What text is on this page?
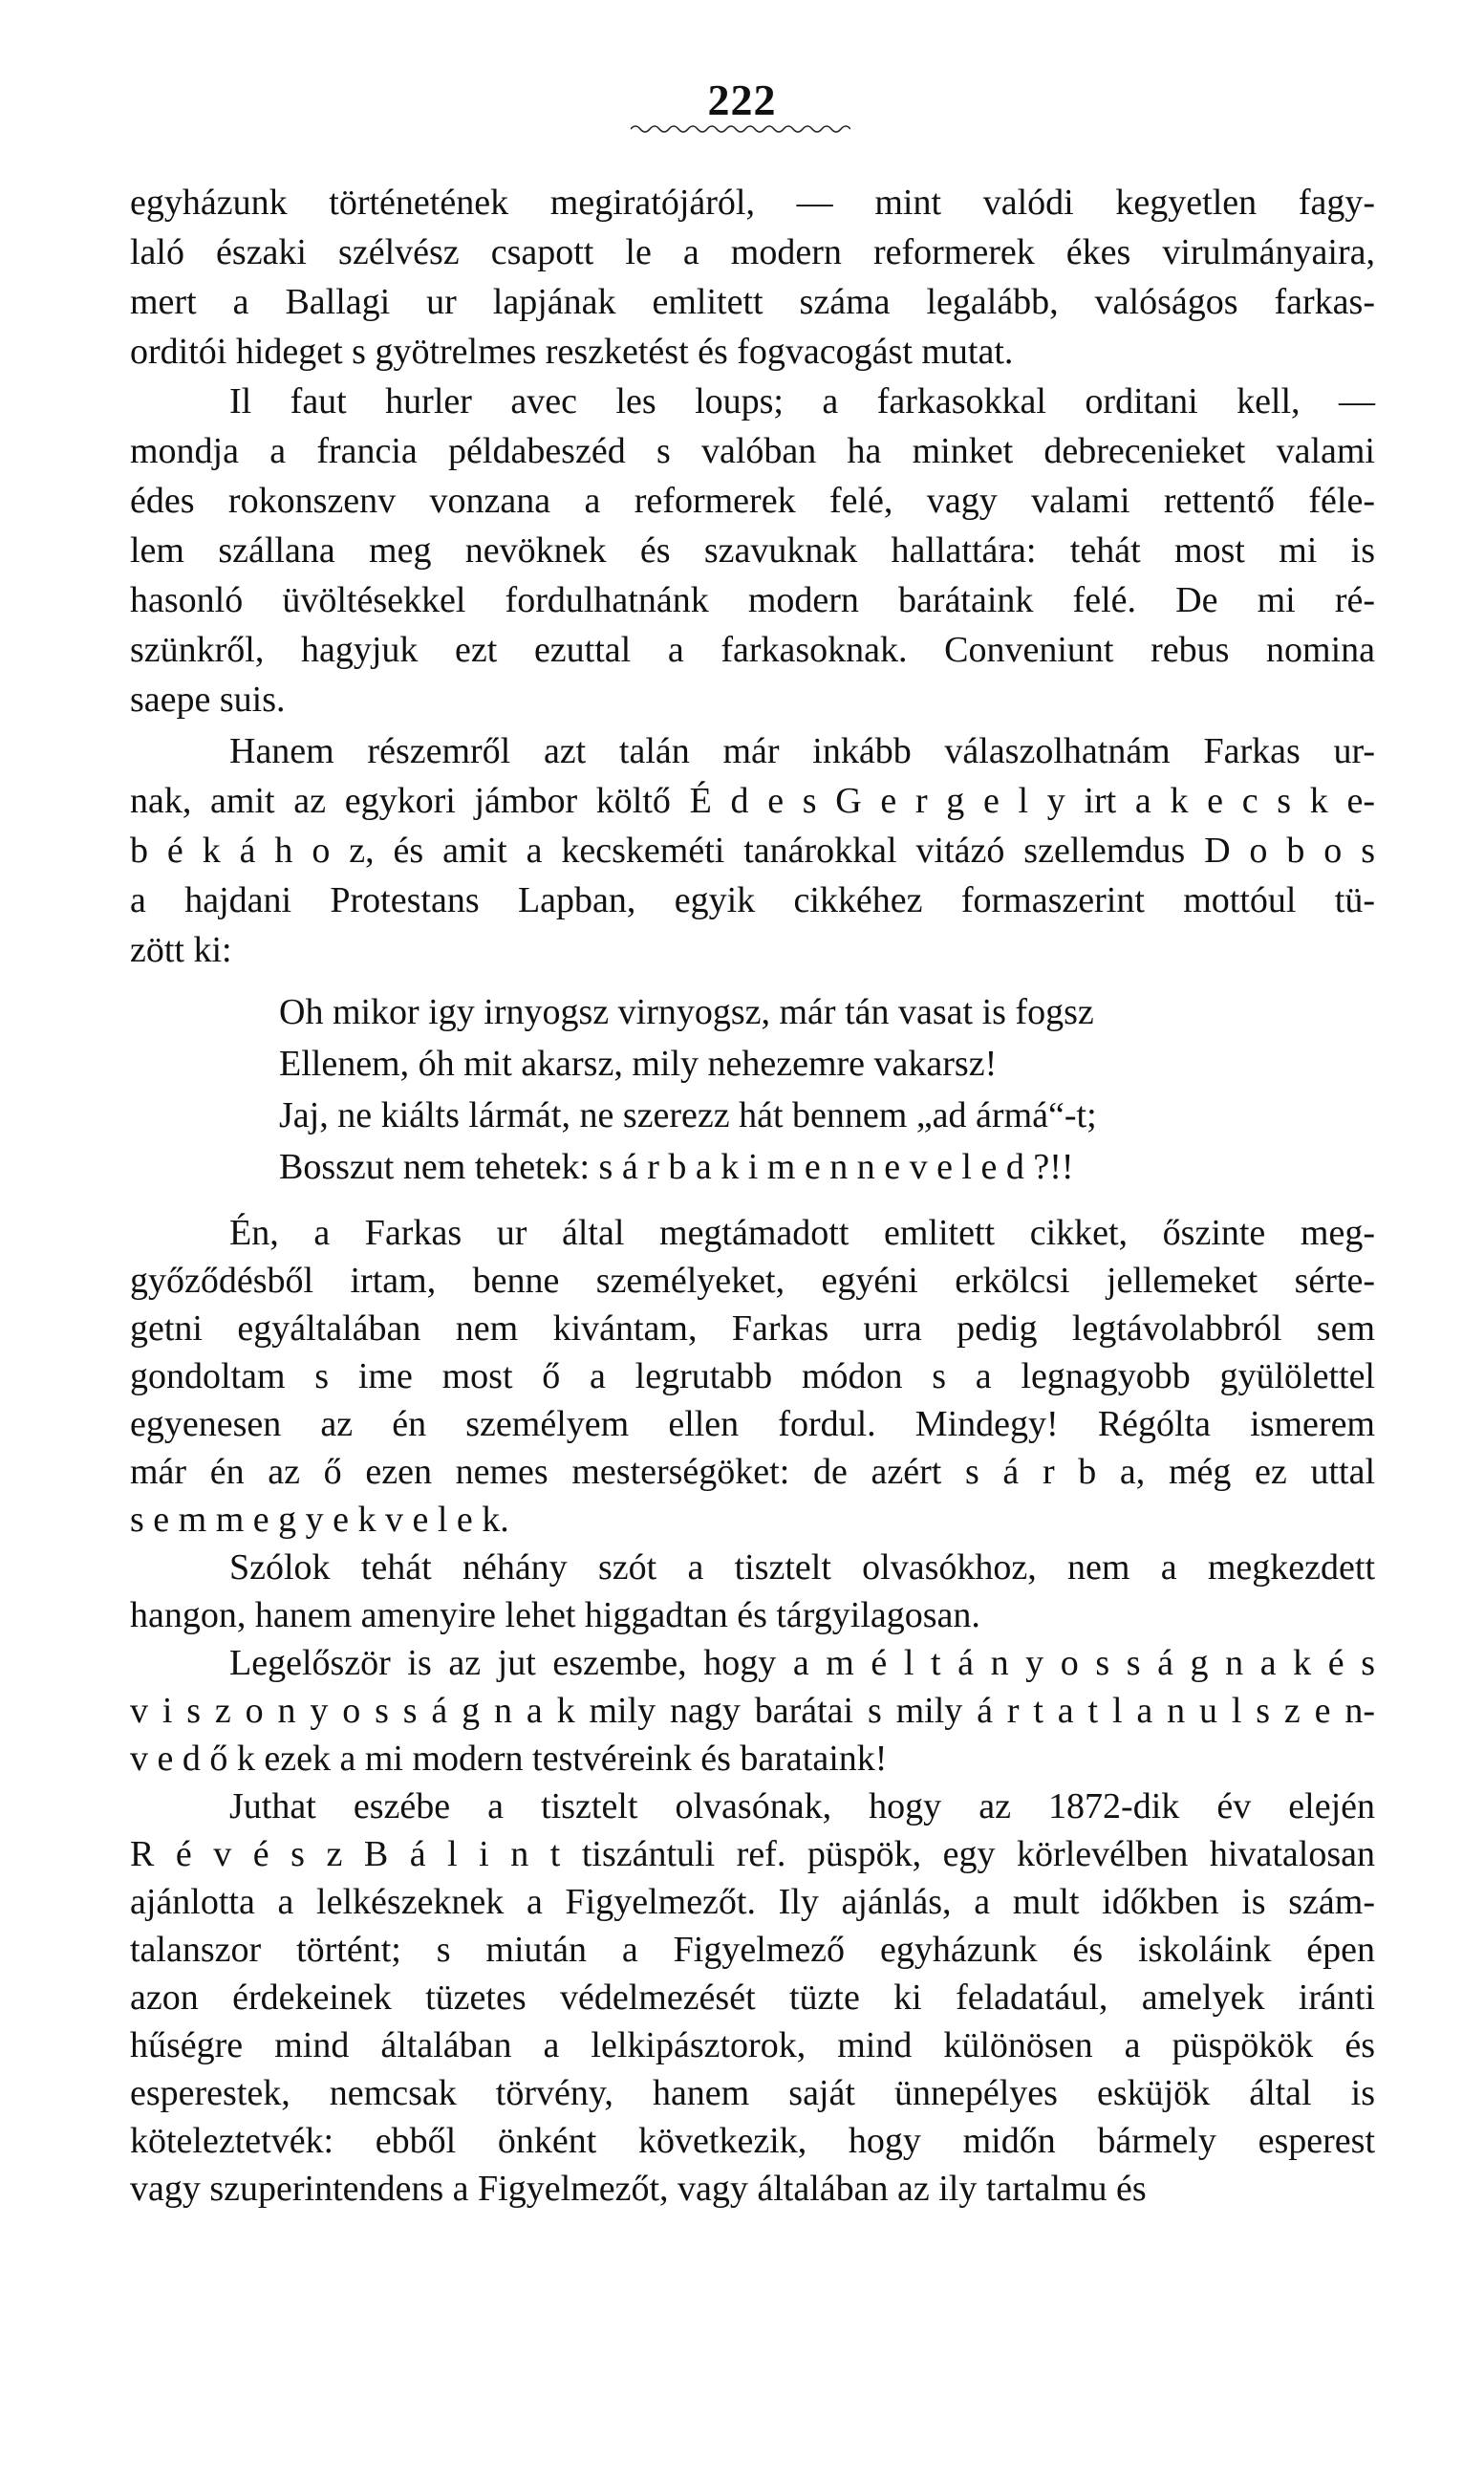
222
egyházunk történetének megiratójáról, — mint valódi kegyetlen fagy-
laló északi szélvész csapott le a modern reformerek ékes virulmányaira,
mert a Ballagi ur lapjának emlitett száma legalább, valóságos farkas-
orditói hideget s gyötrelmes reszketést és fogvacogást mutat.
Il faut hurler avec les loups; a farkasokkal orditani kell, —
mondja a francia példabeszéd s valóban ha minket debrecenieket valami
édes rokonszenv vonzana a reformerek felé, vagy valami rettentő féle-
lem szállana meg nevöknek és szavuknak hallattára: tehát most mi is
hasonló üvöltésekkel fordulhatnánk modern barátaink felé. De mi ré-
szünkről, hagyjuk ezt ezuttal a farkasoknak. Conveniunt rebus nomina
saepe suis.
Hanem részemről azt talán már inkább válaszolhatnám Farkas ur-
nak, amit az egykori jámbor költő É d e s G e r g e l y irt a k e c s k e-
b é k á h o z, és amit a kecskeméti tanárokkal vitázó szellemdus D o b o s
a hajdani Protestans Lapban, egyik cikkéhez formaszerint mottóul tü-
zött ki:
Oh mikor igy irnyogsz virnyogsz, már tán vasat is fogsz
Ellenem, óh mit akarsz, mily nehezemre vakarsz!
Jaj, ne kiálts lármát, ne szerezz hát bennem „ad ármá“-t;
Bosszut nem tehetek: s á r b a k i m e n n e v e l e d ?!!
Én, a Farkas ur által megtámadott emlitett cikket, őszinte meg-
győződésből irtam, benne személyeket, egyéni erkölcsi jellemeket sérte-
getni egyáltalában nem kivántam, Farkas urra pedig legtávolabbról sem
gondoltam s ime most ő a legrutabb módon s a legnagyobb gyülölettel
egyenesen az én személyem ellen fordul. Mindegy! Régólta ismerem
már én az ő ezen nemes mesterségöket: de azért s á r b a, még ez uttal
s e m m e g y e k v e l e k.
Szólok tehát néhány szót a tisztelt olvasókhoz, nem a megkezdett
hangon, hanem amenyire lehet higgadtan és tárgyilagosan.
Legelőször is az jut eszembe, hogy a m é l t á n y o s s á g n a k é s
v i s z o n y o s s á g n a k mily nagy barátai s mily á r t a t l a n u l s z e n-
v e d ő k ezek a mi modern testvéreink és barataink!
Juthat eszébe a tisztelt olvasónak, hogy az 1872-dik év elején
R é v é s z B á l i n t tiszántuli ref. püspök, egy körlevélben hivatalosan
ajánlotta a lelkészeknek a Figyelmezőt. Ily ajánlás, a mult időkben is szám-
talanszor történt; s miután a Figyelmező egyházunk és iskoláink épen
azon érdekeinek tüzetes védelmezését tüzte ki feladatául, amelyek iránti
hűségre mind általában a lelkipásztorok, mind különösen a püspökök és
esperestek, nemcsak törvény, hanem saját ünnepélyes esküjök által is
köteleztetvék: ebből önként következik, hogy midőn bármely esperest
vagy szuperintendens a Figyelmezőt, vagy általában az ily tartalmu és
